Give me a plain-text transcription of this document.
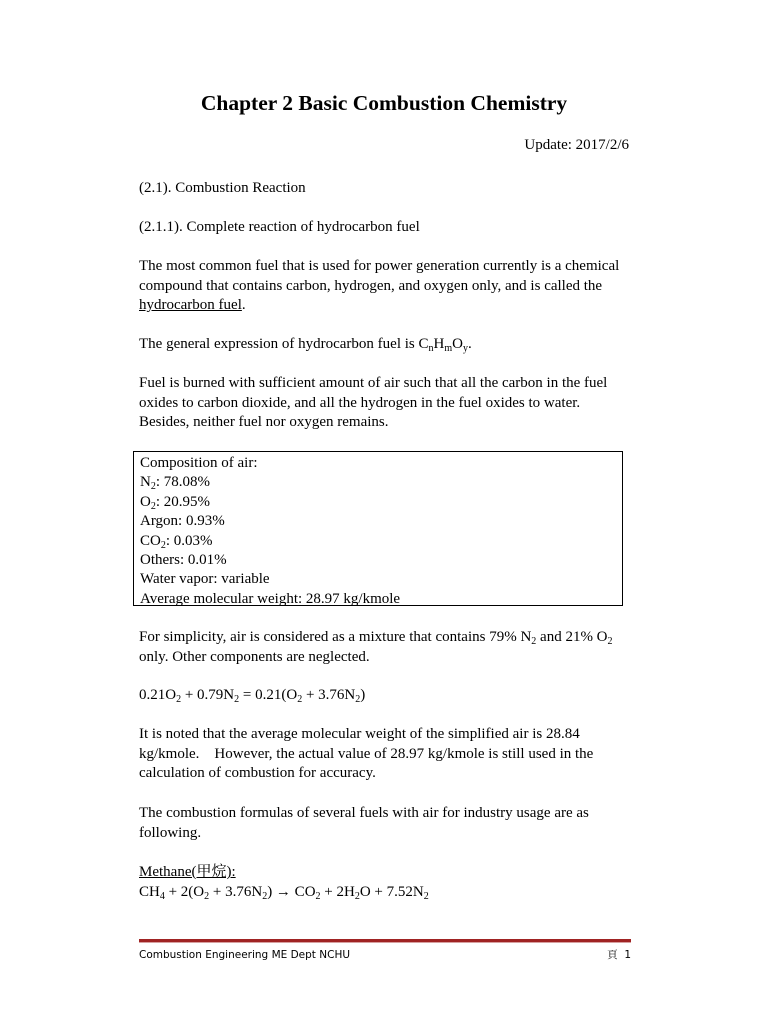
Chapter 2 Basic Combustion Chemistry
Update: 2017/2/6

(2.1). Combustion Reaction

(2.1.1). Complete reaction of hydrocarbon fuel

The most common fuel that is used for power generation currently is a chemical compound that contains carbon, hydrogen, and oxygen only, and is called the hydrocarbon fuel.

The general expression of hydrocarbon fuel is $C_nH_mO_y$.

Fuel is burned with sufficient amount of air such that all the carbon in the fuel oxides to carbon dioxide, and all the hydrogen in the fuel oxides to water.    Besides, neither fuel nor oxygen remains.

Composition of air:
$N_2$: 78.08%
$O_2$: 20.95%
Argon: 0.93%
$CO_2$: 0.03%
Others: 0.01%
Water vapor: variable
Average molecular weight: 28.97 kg/kmole

For simplicity, air is considered as a mixture that contains 79% $N_2$ and 21% $O_2$ only. Other components are neglected.

$0.21O_2 + 0.79N_2 = 0.21(O_2 + 3.76N_2)$

It is noted that the average molecular weight of the simplified air is 28.84 kg/kmole.    However, the actual value of 28.97 kg/kmole is still used in the calculation of combustion for accuracy.

The combustion formulas of several fuels with air for industry usage are as following.

Methane(甲烷):

$CH_4 + 2(O_2 + 3.76N_2) \to CO_2 + 2H_2O + 7.52N_2$

Combustion Engineering ME Dept NCHU	頁 1
